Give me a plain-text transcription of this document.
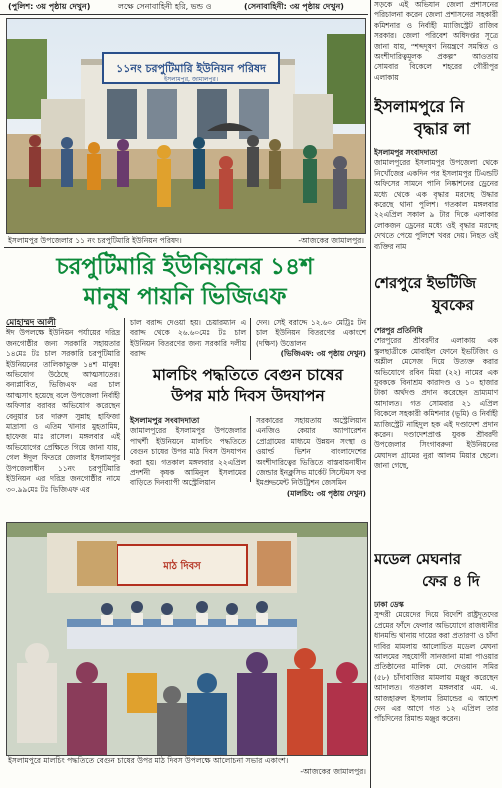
(পুলিশ: ৩য় পৃষ্ঠায় দেখুন)	লক্ষে সেনাবাহিনী হরি, ভন্ড ও	(সেনাবাহিনী: ৩য় পৃষ্ঠায় দেখুন)
১১নং চরপুটিমারি ইউনিয়ন পরিষদ
ইসলামপুর, জামালপুর।
ইসলামপুর উপজেলার ১১ নং চরপুটিমারি ইউনিয়ন পরিষদ।	-আজকের জামালপুর।
চরপুটিমারি ইউনিয়নের ১৪শ
মানুষ পায়নি ভিজিএফ
মোহাম্মদ আলী

ঈদ উপলক্ষে ইউনিয়ন পর্যায়ের দরিদ্র জনগোষ্ঠীর জন্য সরকারি সহায়তার ১৪মেঃ টঃ চাল সরকারি চরপুটিমারি ইউনিয়নের তালিকাভুক্ত ১৪শ মানুষ! অভিযোগ উঠেছে আত্মসাতের। বন্যপ্লাবিত, ভিজিএফ এর চাল আত্মসাৎ হয়েছে বলে উপজেলা নির্বাহী অফিসার বরাবর অভিযোগ করেছেন বেনুয়ার চর দারুস সুন্নাহ হাফিজা মাদ্রাসা ও এতিম খানার মুহতামিম, হাফেজ মাঃ রাসেল। মঙ্গলবার এই অভিযোগের প্রেক্ষিতে গিয়ে জানা যায়, গেল ঈদুল ফিতরে জেলার ইসলামপুর উপজেলাধীন ১১নং চরপুটিমারি ইউনিয়ন এর দরিদ্র জনগোষ্ঠীর নামে ৩০.৯৯মেঃ টঃ ভিজিএফ এর

চাল বরাদ্দ দেওয়া হয়। চেয়ারম্যান এ বরাদ্দ থেকে ২৬.৬০মেঃ টঃ চাল ইউনিয়ন বিতরণের জন্য সরকারি দলীয় বরাদ্দ

দেন। সেই বরাদ্দে ১২.৬০ মেট্রিঃ টন চাল ইউনিয়ন বিতরণের একাংশে (দক্ষিণ) উত্তোলন

(ভিজিএফ: ৩য় পৃষ্ঠায় দেখুন)
মালচিং পদ্ধতিতে বেগুন চাষের
উপর মাঠ দিবস উদযাপন
ইসলামপুর সংবাদদাতা

জামালপুরের ইসলামপুর উপজেলার পাথর্শী ইউনিয়নে মালচিং পদ্ধতিতে বেগুন চাষের উপর মাঠ দিবস উদযাপন করা হয়। গতকাল মঙ্গলবার ২২এপ্রিল প্রদর্শনী কৃষক আমিনুল ইসলামের বাড়িতে দিনব্যাপী অস্ট্রেলিয়ান

সরকারের সহায়তায় অস্ট্রেলিয়ান এনজিও কেয়ার অ্যাপারেশন প্রোগ্রামের মাধ্যমে উন্নয়ন সংস্থা ও ওয়ার্ল্ড ভিশন বাংলাদেশের অংশীদারিত্বের ভিত্তিতে বাস্তবায়নাধীন জেন্ডার ইনক্লুসিভ মার্কেট সিস্টেমস ফর ইমপ্রুভমেন্ট নিউট্রিশন জেসমিন

(মালচিং: ৩য় পৃষ্ঠায় দেখুন)
মাঠ দিবস
ইসলামপুরে মালচিং পদ্ধতিতে বেগুন চাষের উপর মাঠ দিবস উপলক্ষে আলোচনা সভার একাংশ।
-আজকের জামালপুর।

সড়কে এই অভিযান জেলা প্রশাসনের পরিচালনা করেন জেলা প্রশাসনের সহকারী কমিশনার ও নির্বাহী ম্যাজিস্ট্রেট রাজিব সরকার। জেলা পরিবেশ অধিদপ্তর সূত্রে জানা যায়, “শব্দদূষণ নিয়ন্ত্রণে সমন্বিত ও অংশীদারিত্বমূলক প্রকল্প” আওতায় সোমবার বিকেলে শহরের গৌরীপুর এলাকায়

ইসলামপুরে নি
বৃদ্ধার লা
ইসলামপুর সংবাদদাতা

জামালপুরের ইসলামপুর উপজেলা থেকে নিখোঁজের একদিন পর ইসলামপুর টিএন্ডটি অফিসের সামনে পানি নিষ্কাশনের ড্রেনের মধ্যে থেকে এক বৃদ্ধার মরদেহ উদ্ধার করেছে থানা পুলিশ। গতকাল মঙ্গলবার ২২এপ্রিল সকাল ৯ টার দিকে এলাকার লোকজন ড্রেনের মধ্যে ওই বৃদ্ধার মরদেহ দেখতে পেয়ে পুলিশে খবর দেয়। নিহত ওই ব্যক্তির নাম

শেরপুরে ইভটিজি
যুবকের
শেরপুর প্রতিনিধি

শেরপুরের শ্রীবরদীর এলাকায় এক স্কুলছাত্রীকে মোবাইল ফোনে ইভটিজিং ও অশ্লীল মেসেজ দিয়ে উত্যক্ত করার অভিযোগে রবিন মিয়া (২২) নামের এক যুবককে বিনাশ্রম কারাদণ্ড ও ১০ হাজার টাকা অর্থদণ্ড প্রদান করেছেন ভ্রাম্যমাণ আদালত। গত সোমবার ২১ এপ্রিল বিকেলে সহকারী কমিশনার (ভূমি) ও নির্বাহী ম্যাজিস্ট্রেট নাহিদুল হক এই দণ্ডাদেশ প্রদান করেন। দণ্ডাদেশপ্রাপ্ত যুবক শ্রীবরদী উপজেলার সিংগাবরুনা ইউনিয়নের মেঘাদল গ্রামের নুরা আলম মিয়ার ছেলে। জানা গেছে,

মডেল মেঘনার
ফের ৪ দি
ঢাকা ডেস্ক

সুন্দরী মেয়েদের দিয়ে বিদেশি রাষ্ট্রদূতদের প্রেমের ফাঁদে ফেলার অভিযোগে রাজধানীর ধানমন্ডি থানায় দায়ের করা প্রতারণা ও চাঁদা দাবির মামলায় আলোচিত মডেল মেঘনা আলমের সহযোগী সানজানা মান্না পাওয়ার প্রতিষ্ঠানের মালিক মো. দেওয়ান সমির (৫৮) চাঁদাবাজির মামলায় মঞ্জুর করেছেন আদালত। গতকাল মঙ্গলবার এম. এ. আজহারুল ইসলাম রিমান্ডের এ আদেশ দেন এর আগে গত ১২ এপ্রিল তার পাঁচদিনের রিমান্ড মঞ্জুর করেন।
